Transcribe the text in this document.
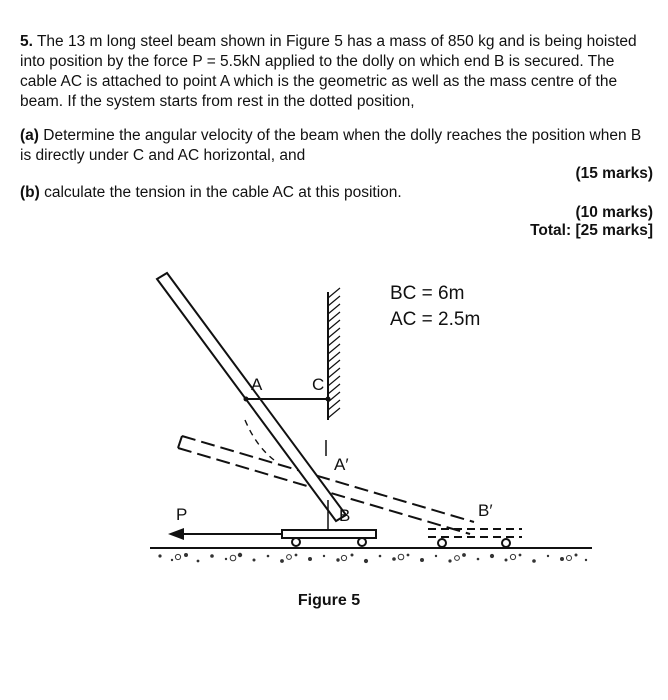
5. The 13 m long steel beam shown in Figure 5 has a mass of 850 kg and is being hoisted into position by the force P = 5.5kN applied to the dolly on which end B is secured. The cable AC is attached to point A which is the geometric as well as the mass centre of the beam. If the system starts from rest in the dotted position,

(a) Determine the angular velocity of the beam when the dolly reaches the position when B is directly under C and AC horizontal, and

(15 marks)

(b) calculate the tension in the cable AC at this position.

(10 marks)
Total: [25 marks]
A	C
A′
B	B′
P
BC = 6m
AC = 2.5m
Figure 5
